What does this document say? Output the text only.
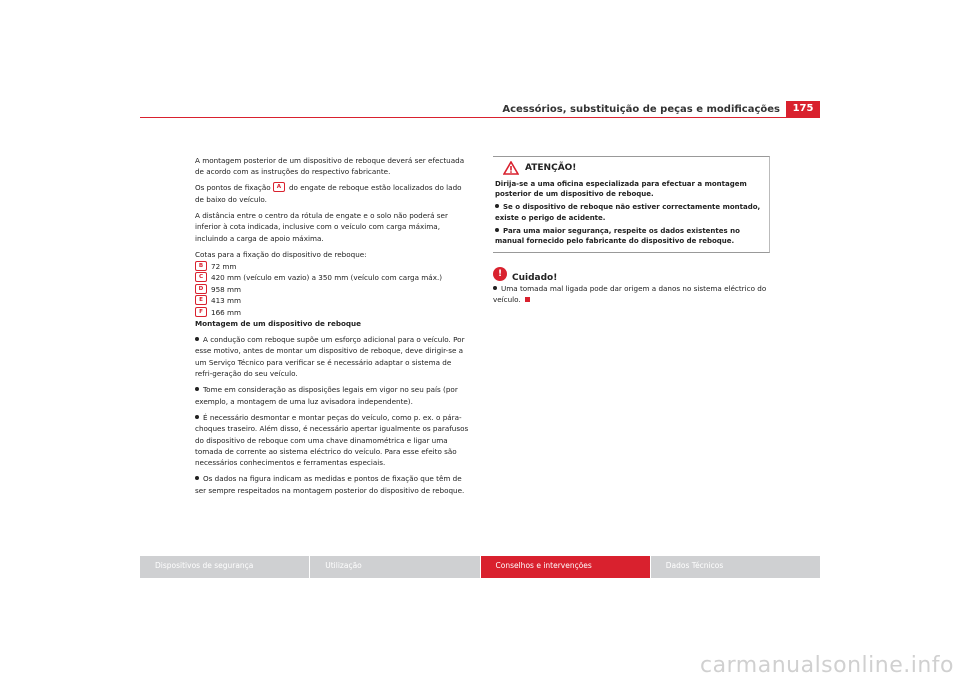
Acessórios, substituição de peças e modificações	175

A montagem posterior de um dispositivo de reboque deverá ser efectuada de acordo com as instruções do respectivo fabricante.

Os pontos de fixação A do engate de reboque estão localizados do lado de baixo do veículo.

A distância entre o centro da rótula de engate e o solo não poderá ser inferior à cota indicada, inclusive com o veículo com carga máxima, incluindo a carga de apoio máxima.

Cotas para a fixação do dispositivo de reboque:

B 72 mm
C 420 mm (veículo em vazio) a 350 mm (veículo com carga máx.)
D 958 mm
E 413 mm
F 166 mm

Montagem de um dispositivo de reboque

A condução com reboque supõe um esforço adicional para o veículo. Por esse motivo, antes de montar um dispositivo de reboque, deve dirigir-se a um Serviço Técnico para verificar se é necessário adaptar o sistema de refri-geração do seu veículo.

Tome em consideração as disposições legais em vigor no seu país (por exemplo, a montagem de uma luz avisadora independente).

É necessário desmontar e montar peças do veículo, como p. ex. o pára-choques traseiro. Além disso, é necessário apertar igualmente os parafusos do dispositivo de reboque com uma chave dinamométrica e ligar uma tomada de corrente ao sistema eléctrico do veículo. Para esse efeito são necessários conhecimentos e ferramentas especiais.

Os dados na figura indicam as medidas e pontos de fixação que têm de ser sempre respeitados na montagem posterior do dispositivo de reboque.

ATENÇÃO!

Dirija-se a uma oficina especializada para efectuar a montagem posterior de um dispositivo de reboque.

Se o dispositivo de reboque não estiver correctamente montado, existe o perigo de acidente.

Para uma maior segurança, respeite os dados existentes no manual fornecido pelo fabricante do dispositivo de reboque.

!	Cuidado!
Uma tomada mal ligada pode dar origem a danos no sistema eléctrico do veículo.
Dispositivos de segurança	Utilização	Conselhos e intervenções	Dados Técnicos
carmanualsonline.info
